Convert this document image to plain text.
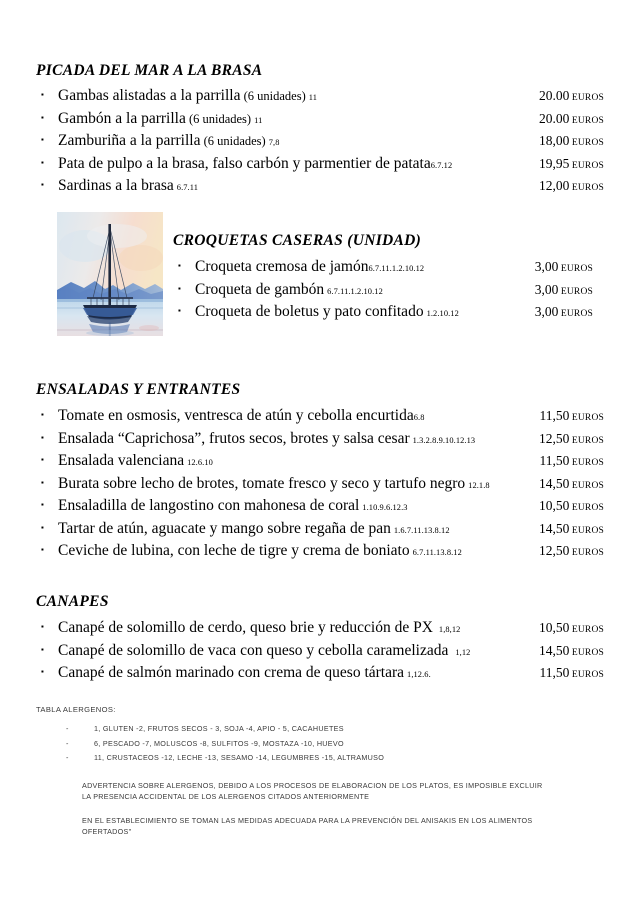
PICADA DEL MAR A LA BRASA
▪
Gambas alistadas a la parrilla (6 unidades) 11	20.00 EUROS
▪
Gambón a la parrilla (6 unidades) 11	20.00 EUROS
▪
Zamburiña a la parrilla (6 unidades) 7,8	18,00 EUROS
▪
Pata de pulpo a la brasa, falso carbón y parmentier de patata6.7.12	19,95 EUROS
▪
Sardinas a la brasa 6.7.11	12,00 EUROS
CROQUETAS CASERAS (UNIDAD)
▪
Croqueta cremosa de jamón6.7.11.1.2.10.12	3,00 EUROS
▪
Croqueta de gambón 6.7.11.1.2.10.12	3,00 EUROS
▪
Croqueta de boletus y pato confitado 1.2.10.12	3,00 EUROS
ENSALADAS Y ENTRANTES
▪
Tomate en osmosis, ventresca de atún y cebolla encurtida6.8	11,50 EUROS
▪
Ensalada “Caprichosa”, frutos secos, brotes y salsa cesar 1.3.2.8.9.10.12.13	12,50 EUROS
▪
Ensalada valenciana 12.6.10	11,50 EUROS
▪
Burata sobre lecho de brotes, tomate fresco y seco y tartufo negro 12.1.8	14,50 EUROS
▪
Ensaladilla de langostino con mahonesa de coral 1.10.9.6.12.3	10,50 EUROS
▪
Tartar de atún, aguacate y mango sobre regaña de pan 1.6.7.11.13.8.12	14,50 EUROS
▪
Ceviche de lubina, con leche de tigre y crema de boniato 6.7.11.13.8.12	12,50 EUROS
CANAPES
▪
Canapé de solomillo de cerdo, queso brie y reducción de PX 1,8,12	10,50 EUROS
▪
Canapé de solomillo de vaca con queso y cebolla caramelizada 1,12	14,50 EUROS
▪
Canapé de salmón marinado con crema de queso tártara 1,12.6.	11,50 EUROS
TABLA ALERGENOS:
-	1, GLUTEN -2, FRUTOS SECOS - 3, SOJA -4, APIO - 5, CACAHUETES
-	6, PESCADO -7, MOLUSCOS -8, SULFITOS -9, MOSTAZA -10, HUEVO
-	11, CRUSTACEOS -12, LECHE -13, SESAMO -14, LEGUMBRES -15, ALTRAMUSO

ADVERTENCIA SOBRE ALERGENOS, DEBIDO A LOS PROCESOS DE ELABORACION DE LOS PLATOS, ES IMPOSIBLE EXCLUIR LA PRESENCIA ACCIDENTAL DE LOS ALERGENOS CITADOS ANTERIORMENTE

EN EL ESTABLECIMIENTO SE TOMAN LAS MEDIDAS ADECUADA PARA LA PREVENCIÓN DEL ANISAKIS EN LOS ALIMENTOS OFERTADOS"
